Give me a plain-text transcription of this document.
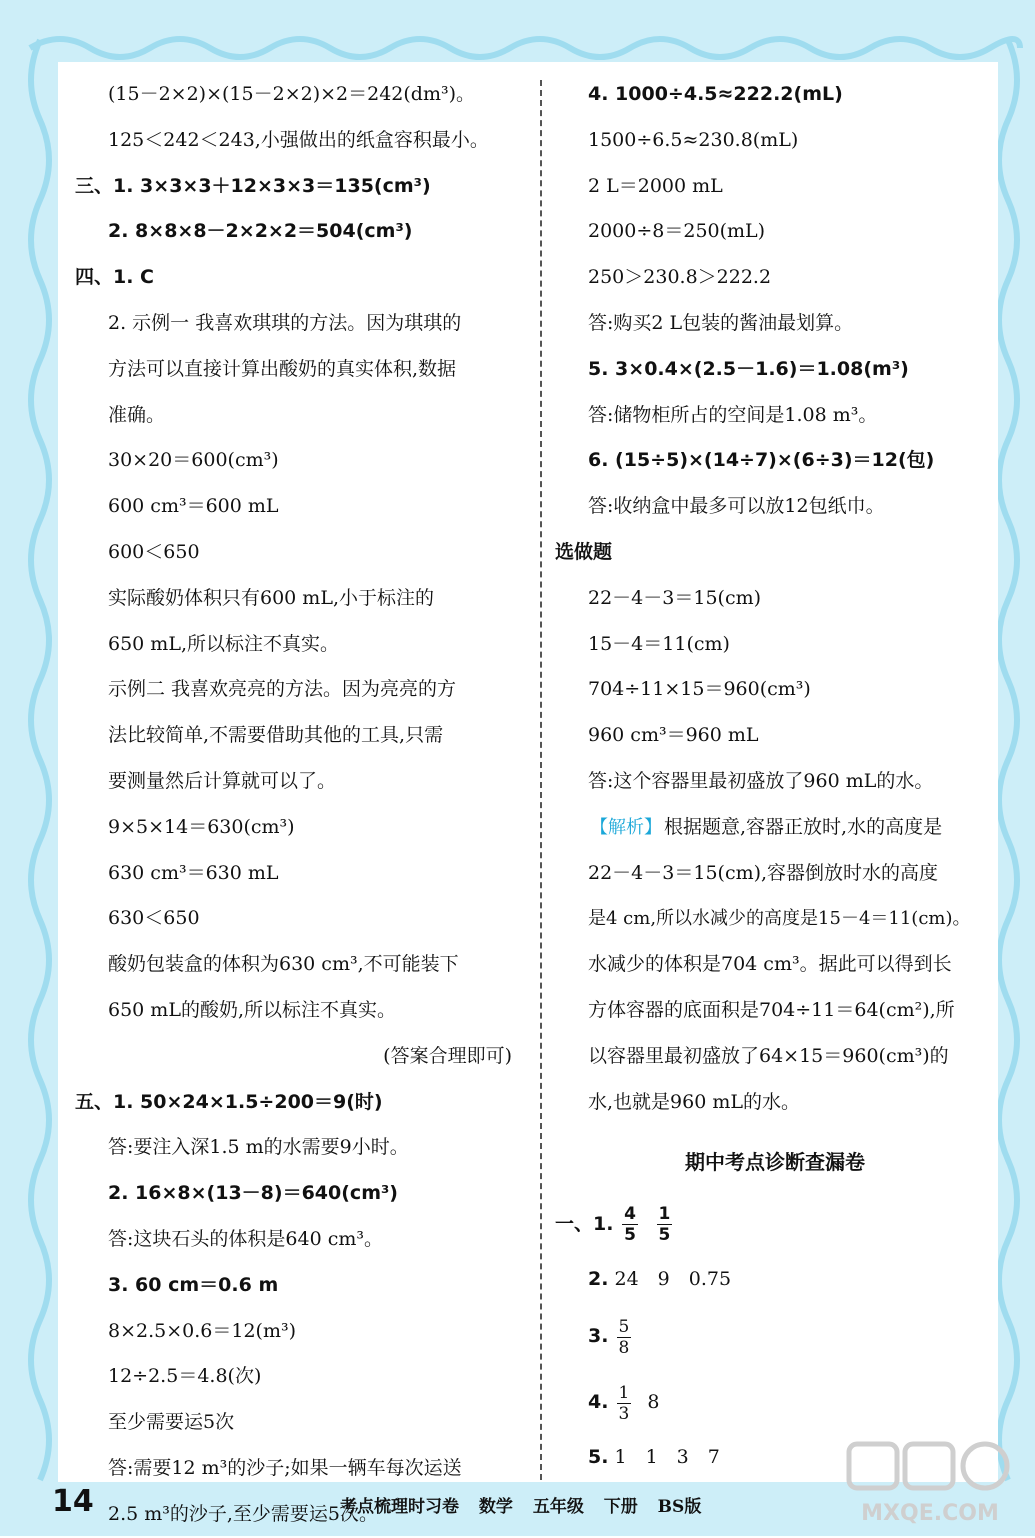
(15－2×2)×(15－2×2)×2＝242(dm³)。
125＜242＜243,小强做出的纸盒容积最小。
三、1. 3×3×3＋12×3×3＝135(cm³)
2. 8×8×8－2×2×2＝504(cm³)
四、1. C
2. 示例一 我喜欢琪琪的方法。因为琪琪的
方法可以直接计算出酸奶的真实体积,数据
准确。
30×20＝600(cm³)
600 cm³＝600 mL
600＜650
实际酸奶体积只有600 mL,小于标注的
650 mL,所以标注不真实。
示例二 我喜欢亮亮的方法。因为亮亮的方
法比较简单,不需要借助其他的工具,只需
要测量然后计算就可以了。
9×5×14＝630(cm³)
630 cm³＝630 mL
630＜650
酸奶包装盒的体积为630 cm³,不可能装下
650 mL的酸奶,所以标注不真实。
(答案合理即可)
五、1. 50×24×1.5÷200＝9(时)
答:要注入深1.5 m的水需要9小时。
2. 16×8×(13－8)＝640(cm³)
答:这块石头的体积是640 cm³。
3. 60 cm＝0.6 m
8×2.5×0.6＝12(m³)
12÷2.5＝4.8(次)
至少需要运5次
答:需要12 m³的沙子;如果一辆车每次运送
2.5 m³的沙子,至少需要运5次。
4. 1000÷4.5≈222.2(mL)
1500÷6.5≈230.8(mL)
2 L＝2000 mL
2000÷8＝250(mL)
250＞230.8＞222.2
答:购买2 L包装的酱油最划算。
5. 3×0.4×(2.5－1.6)＝1.08(m³)
答:储物柜所占的空间是1.08 m³。
6. (15÷5)×(14÷7)×(6÷3)＝12(包)
答:收纳盒中最多可以放12包纸巾。
选做题
22－4－3＝15(cm)
15－4＝11(cm)
704÷11×15＝960(cm³)
960 cm³＝960 mL
答:这个容器里最初盛放了960 mL的水。
【解析】 根据题意,容器正放时,水的高度是
22－4－3＝15(cm),容器倒放时水的高度
是4 cm,所以水减少的高度是15－4＝11(cm)。
水减少的体积是704 cm³。据此可以得到长
方体容器的底面积是704÷11＝64(cm²),所
以容器里最初盛放了64×15＝960(cm³)的
水,也就是960 mL的水。
期中考点诊断查漏卷
一、1. $\frac{4}{5}$
$\frac{1}{5}$
2. 24　9　0.75
3. $\frac{5}{8}$
4. $\frac{1}{3} 8$
5. 1　1　3　7
14	考点梳理时习卷 数学 五年级 下册 BS版	MXQE.COM
